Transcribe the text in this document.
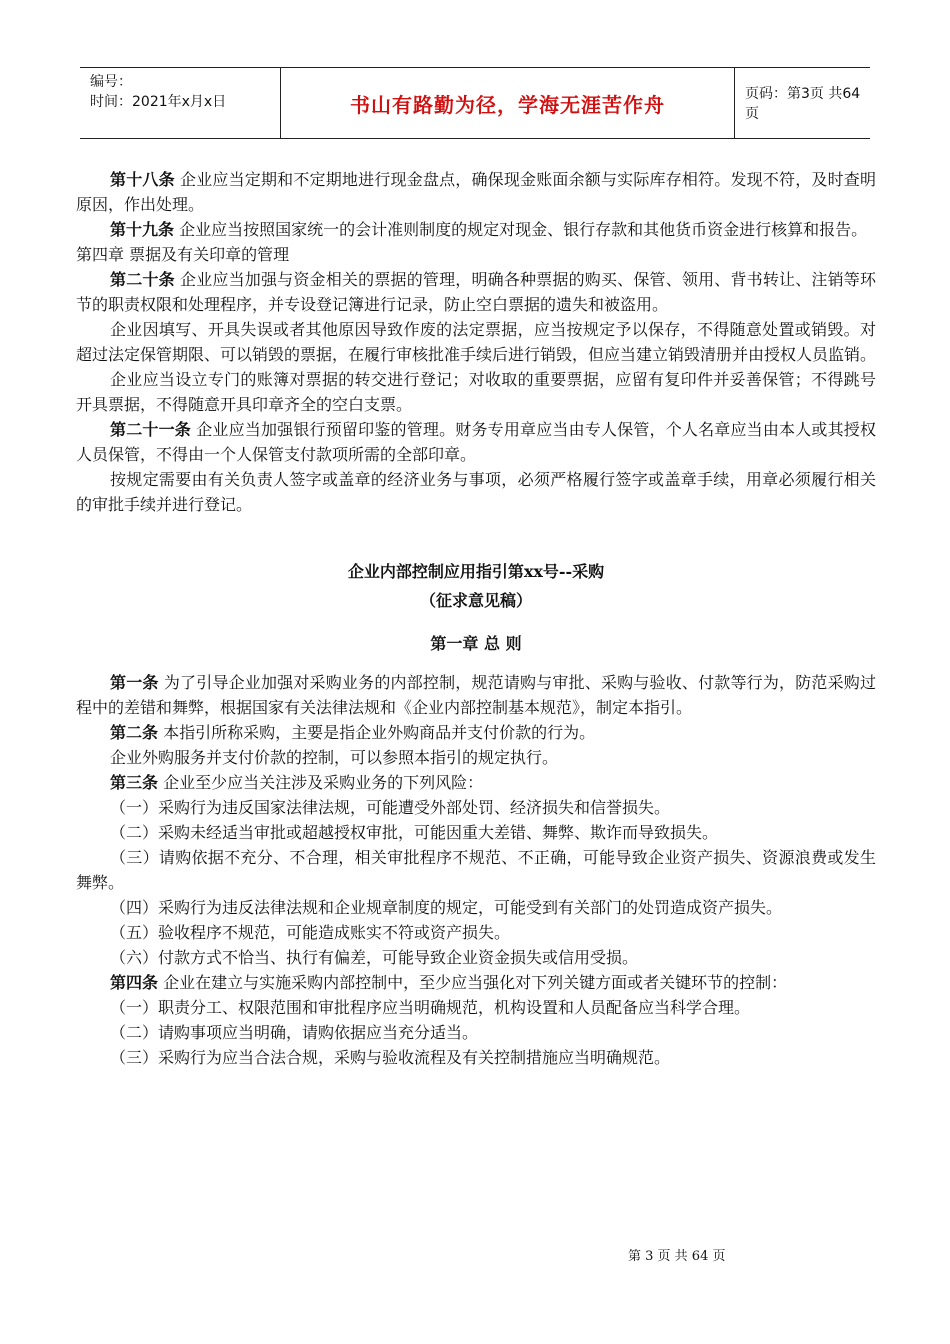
编号：
时间：2021年x月x日	书山有路勤为径，学海无涯苦作舟	页码：第3页 共64页

第十八条 企业应当定期和不定期地进行现金盘点，确保现金账面余额与实际库存相符。发现不符，及时查明原因，作出处理。

第十九条 企业应当按照国家统一的会计准则制度的规定对现金、银行存款和其他货币资金进行核算和报告。

第四章 票据及有关印章的管理

第二十条 企业应当加强与资金相关的票据的管理，明确各种票据的购买、保管、领用、背书转让、注销等环节的职责权限和处理程序，并专设登记簿进行记录，防止空白票据的遗失和被盗用。

企业因填写、开具失误或者其他原因导致作废的法定票据，应当按规定予以保存，不得随意处置或销毁。对超过法定保管期限、可以销毁的票据，在履行审核批准手续后进行销毁，但应当建立销毁清册并由授权人员监销。

企业应当设立专门的账簿对票据的转交进行登记；对收取的重要票据，应留有复印件并妥善保管；不得跳号开具票据，不得随意开具印章齐全的空白支票。

第二十一条 企业应当加强银行预留印鉴的管理。财务专用章应当由专人保管，个人名章应当由本人或其授权人员保管，不得由一个人保管支付款项所需的全部印章。

按规定需要由有关负责人签字或盖章的经济业务与事项，必须严格履行签字或盖章手续，用章必须履行相关的审批手续并进行登记。

企业内部控制应用指引第xx号--采购

（征求意见稿）

第一章 总 则

第一条 为了引导企业加强对采购业务的内部控制，规范请购与审批、采购与验收、付款等行为，防范采购过程中的差错和舞弊，根据国家有关法律法规和《企业内部控制基本规范》，制定本指引。

第二条 本指引所称采购，主要是指企业外购商品并支付价款的行为。

企业外购服务并支付价款的控制，可以参照本指引的规定执行。

第三条 企业至少应当关注涉及采购业务的下列风险：

（一）采购行为违反国家法律法规，可能遭受外部处罚、经济损失和信誉损失。

（二）采购未经适当审批或超越授权审批，可能因重大差错、舞弊、欺诈而导致损失。

（三）请购依据不充分、不合理，相关审批程序不规范、不正确，可能导致企业资产损失、资源浪费或发生舞弊。

（四）采购行为违反法律法规和企业规章制度的规定，可能受到有关部门的处罚造成资产损失。

（五）验收程序不规范，可能造成账实不符或资产损失。

（六）付款方式不恰当、执行有偏差，可能导致企业资金损失或信用受损。

第四条 企业在建立与实施采购内部控制中，至少应当强化对下列关键方面或者关键环节的控制：

（一）职责分工、权限范围和审批程序应当明确规范，机构设置和人员配备应当科学合理。

（二）请购事项应当明确，请购依据应当充分适当。

（三）采购行为应当合法合规，采购与验收流程及有关控制措施应当明确规范。

第 3 页 共 64 页
